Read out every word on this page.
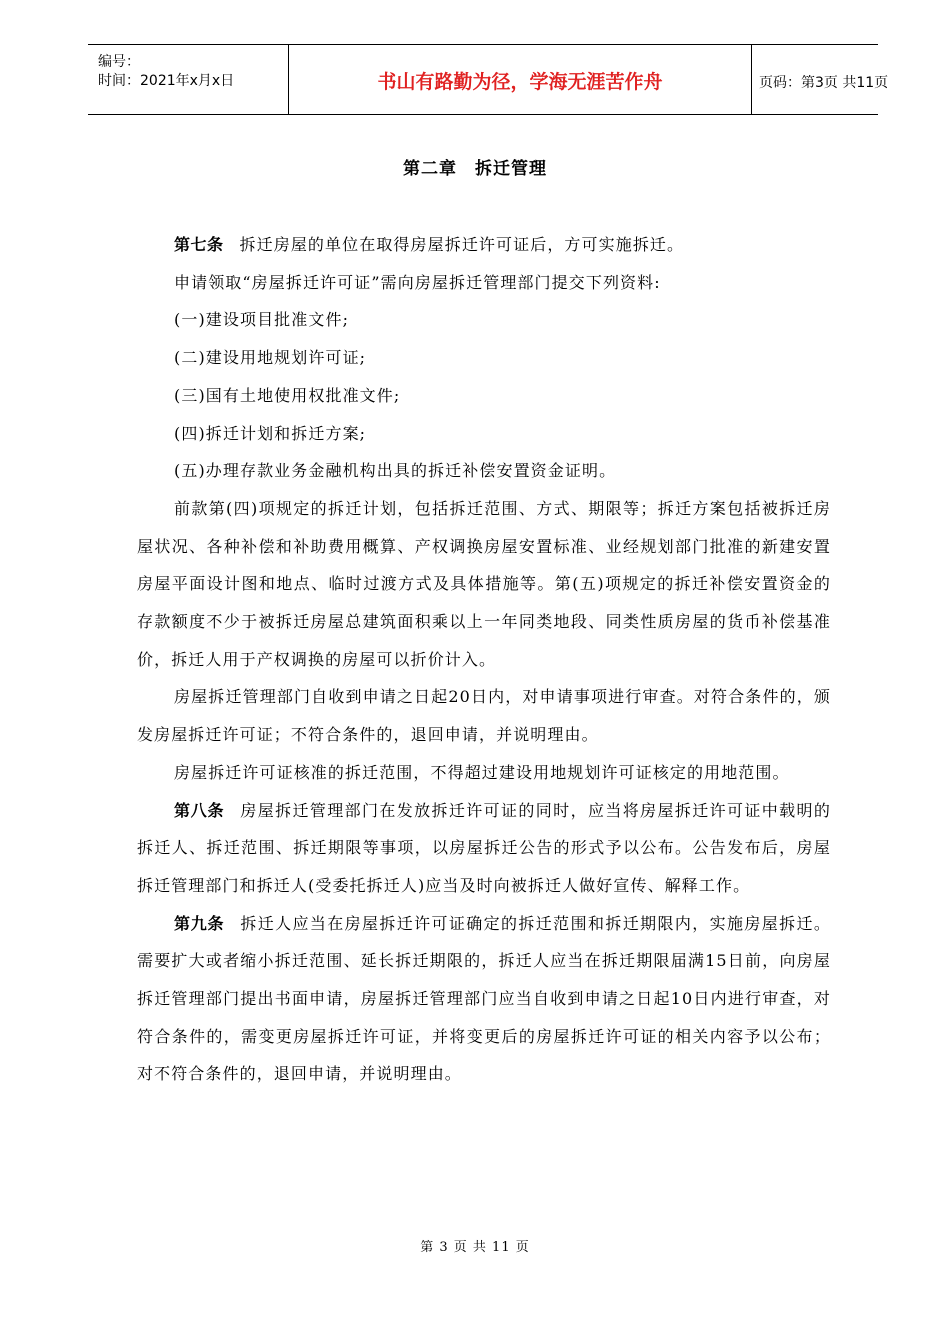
编号：
时间：2021年x月x日	书山有路勤为径，学海无涯苦作舟	页码：第3页 共11页
第二章　拆迁管理

第七条 拆迁房屋的单位在取得房屋拆迁许可证后，方可实施拆迁。

申请领取“房屋拆迁许可证”需向房屋拆迁管理部门提交下列资料:

(一)建设项目批准文件;

(二)建设用地规划许可证;

(三)国有土地使用权批准文件;

(四)拆迁计划和拆迁方案;

(五)办理存款业务金融机构出具的拆迁补偿安置资金证明。

前款第(四)项规定的拆迁计划，包括拆迁范围、方式、期限等；拆迁方案包括被拆迁房屋状况、各种补偿和补助费用概算、产权调换房屋安置标准、业经规划部门批准的新建安置房屋平面设计图和地点、临时过渡方式及具体措施等。第(五)项规定的拆迁补偿安置资金的存款额度不少于被拆迁房屋总建筑面积乘以上一年同类地段、同类性质房屋的货币补偿基准价，拆迁人用于产权调换的房屋可以折价计入。

房屋拆迁管理部门自收到申请之日起20日内，对申请事项进行审查。对符合条件的，颁发房屋拆迁许可证；不符合条件的，退回申请，并说明理由。

房屋拆迁许可证核准的拆迁范围，不得超过建设用地规划许可证核定的用地范围。

第八条 房屋拆迁管理部门在发放拆迁许可证的同时，应当将房屋拆迁许可证中载明的拆迁人、拆迁范围、拆迁期限等事项，以房屋拆迁公告的形式予以公布。公告发布后，房屋拆迁管理部门和拆迁人(受委托拆迁人)应当及时向被拆迁人做好宣传、解释工作。

第九条 拆迁人应当在房屋拆迁许可证确定的拆迁范围和拆迁期限内，实施房屋拆迁。需要扩大或者缩小拆迁范围、延长拆迁期限的，拆迁人应当在拆迁期限届满15日前，向房屋拆迁管理部门提出书面申请，房屋拆迁管理部门应当自收到申请之日起10日内进行审查，对符合条件的，需变更房屋拆迁许可证，并将变更后的房屋拆迁许可证的相关内容予以公布；对不符合条件的，退回申请，并说明理由。

第 3 页 共 11 页
